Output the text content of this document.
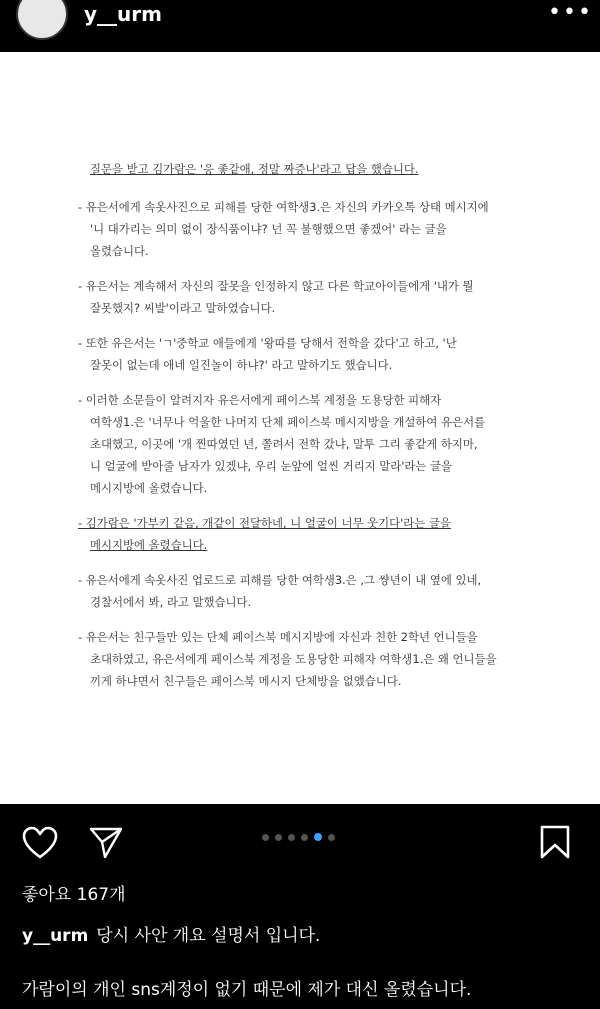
y__urm	•••
질문을 받고 김가람은 '응 좋같애, 정말 짜증나'라고 답을 했습니다.
- 유은서에게 속옷사진으로 피해를 당한 여학생3.은 자신의 카카오톡 상태 메시지에
'니 대가리는 의미 없이 장식품이냐? 넌 꼭 불행했으면 좋겠어' 라는 글을
올렸습니다.
- 유은서는 계속해서 자신의 잘못을 인정하지 않고 다른 학교아이들에게 '내가 뭘
잘못했지? 씨발'이라고 말하였습니다.
- 또한 유은서는 'ㄱ'중학교 애들에게 '왕따를 당해서 전학을 갔다'고 하고, '난
잘못이 없는데 애네 일진놀이 하냐?' 라고 말하기도 했습니다.
- 이러한 소문들이 알려지자 유은서에게 페이스북 계정을 도용당한 피해자
여학생1.은 '너무나 억울한 나머지 단체 페이스북 메시지방을 개설하여 유은서를
초대했고, 이곳에 '개 찐따였던 년, 쫄려서 전학 갔냐, 말투 그리 좋같게 하지마,
니 얼굴에 받아줄 남자가 있겠냐, 우리 눈앞에 얼씬 거리지 말라'라는 글을
메시지방에 올렸습니다.
- 김가람은 '가부키 같음, 개같이 전달하네, 니 얼굴이 너무 웃기다'라는 글을
메시지방에 올렸습니다.
- 유은서에게 속옷사진 업로드로 피해를 당한 여학생3.은 ,그 썅년이 내 옆에 있네,
경찰서에서 봐, 라고 말했습니다.
- 유은서는 친구들만 있는 단체 페이스북 메시지방에 자신과 친한 2학년 언니들을
초대하였고, 유은서에게 페이스북 계정을 도용당한 피해자 여학생1.은 왜 언니들을
끼게 하냐면서 친구들은 페이스북 메시지 단체방을 없앴습니다.
좋아요 167개
y__urm 당시 사안 개요 설명서 입니다.
가람이의 개인 sns계정이 없기 때문에 제가 대신 올렸습니다.
